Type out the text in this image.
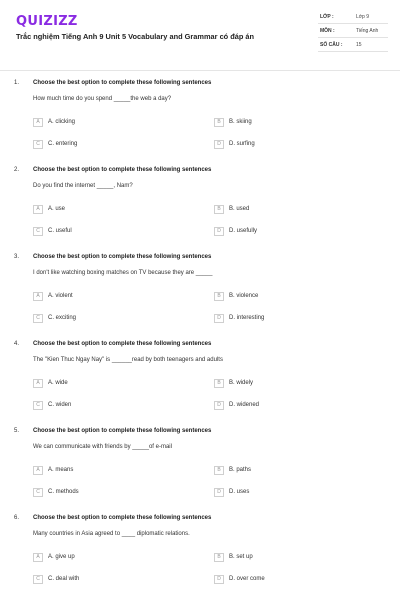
QUIZIZZ
Trắc nghiệm Tiếng Anh 9 Unit 5 Vocabulary and Grammar có đáp án
LỚP :	Lớp 9
MÔN :	Tiếng Anh
SỐ CÂU :	15
1. Choose the best option to complete these following sentences
How much time do you spend _____the web a day?
A	A. clicking	B	B. skiing
C	C. entering	D	D. surfing
2. Choose the best option to complete these following sentences
Do you find the internet _____, Nam?
A	A. use	B	B. used
C	C. useful	D	D. usefully
3. Choose the best option to complete these following sentences
I don't like watching boxing matches on TV because they are _____
A	A. violent	B	B. violence
C	C. exciting	D	D. interesting
4. Choose the best option to complete these following sentences
The "Kien Thuc Ngay Nay" is ______read by both teenagers and adults
A	A. wide	B	B. widely
C	C. widen	D	D. widened
5. Choose the best option to complete these following sentences
We can communicate with friends by _____of e-mail
A	A. means	B	B. paths
C	C. methods	D	D. uses
6. Choose the best option to complete these following sentences
Many countries in Asia agreed to ____ diplomatic relations.
A	A. give up	B	B. set up
C	C. deal with	D	D. over come
